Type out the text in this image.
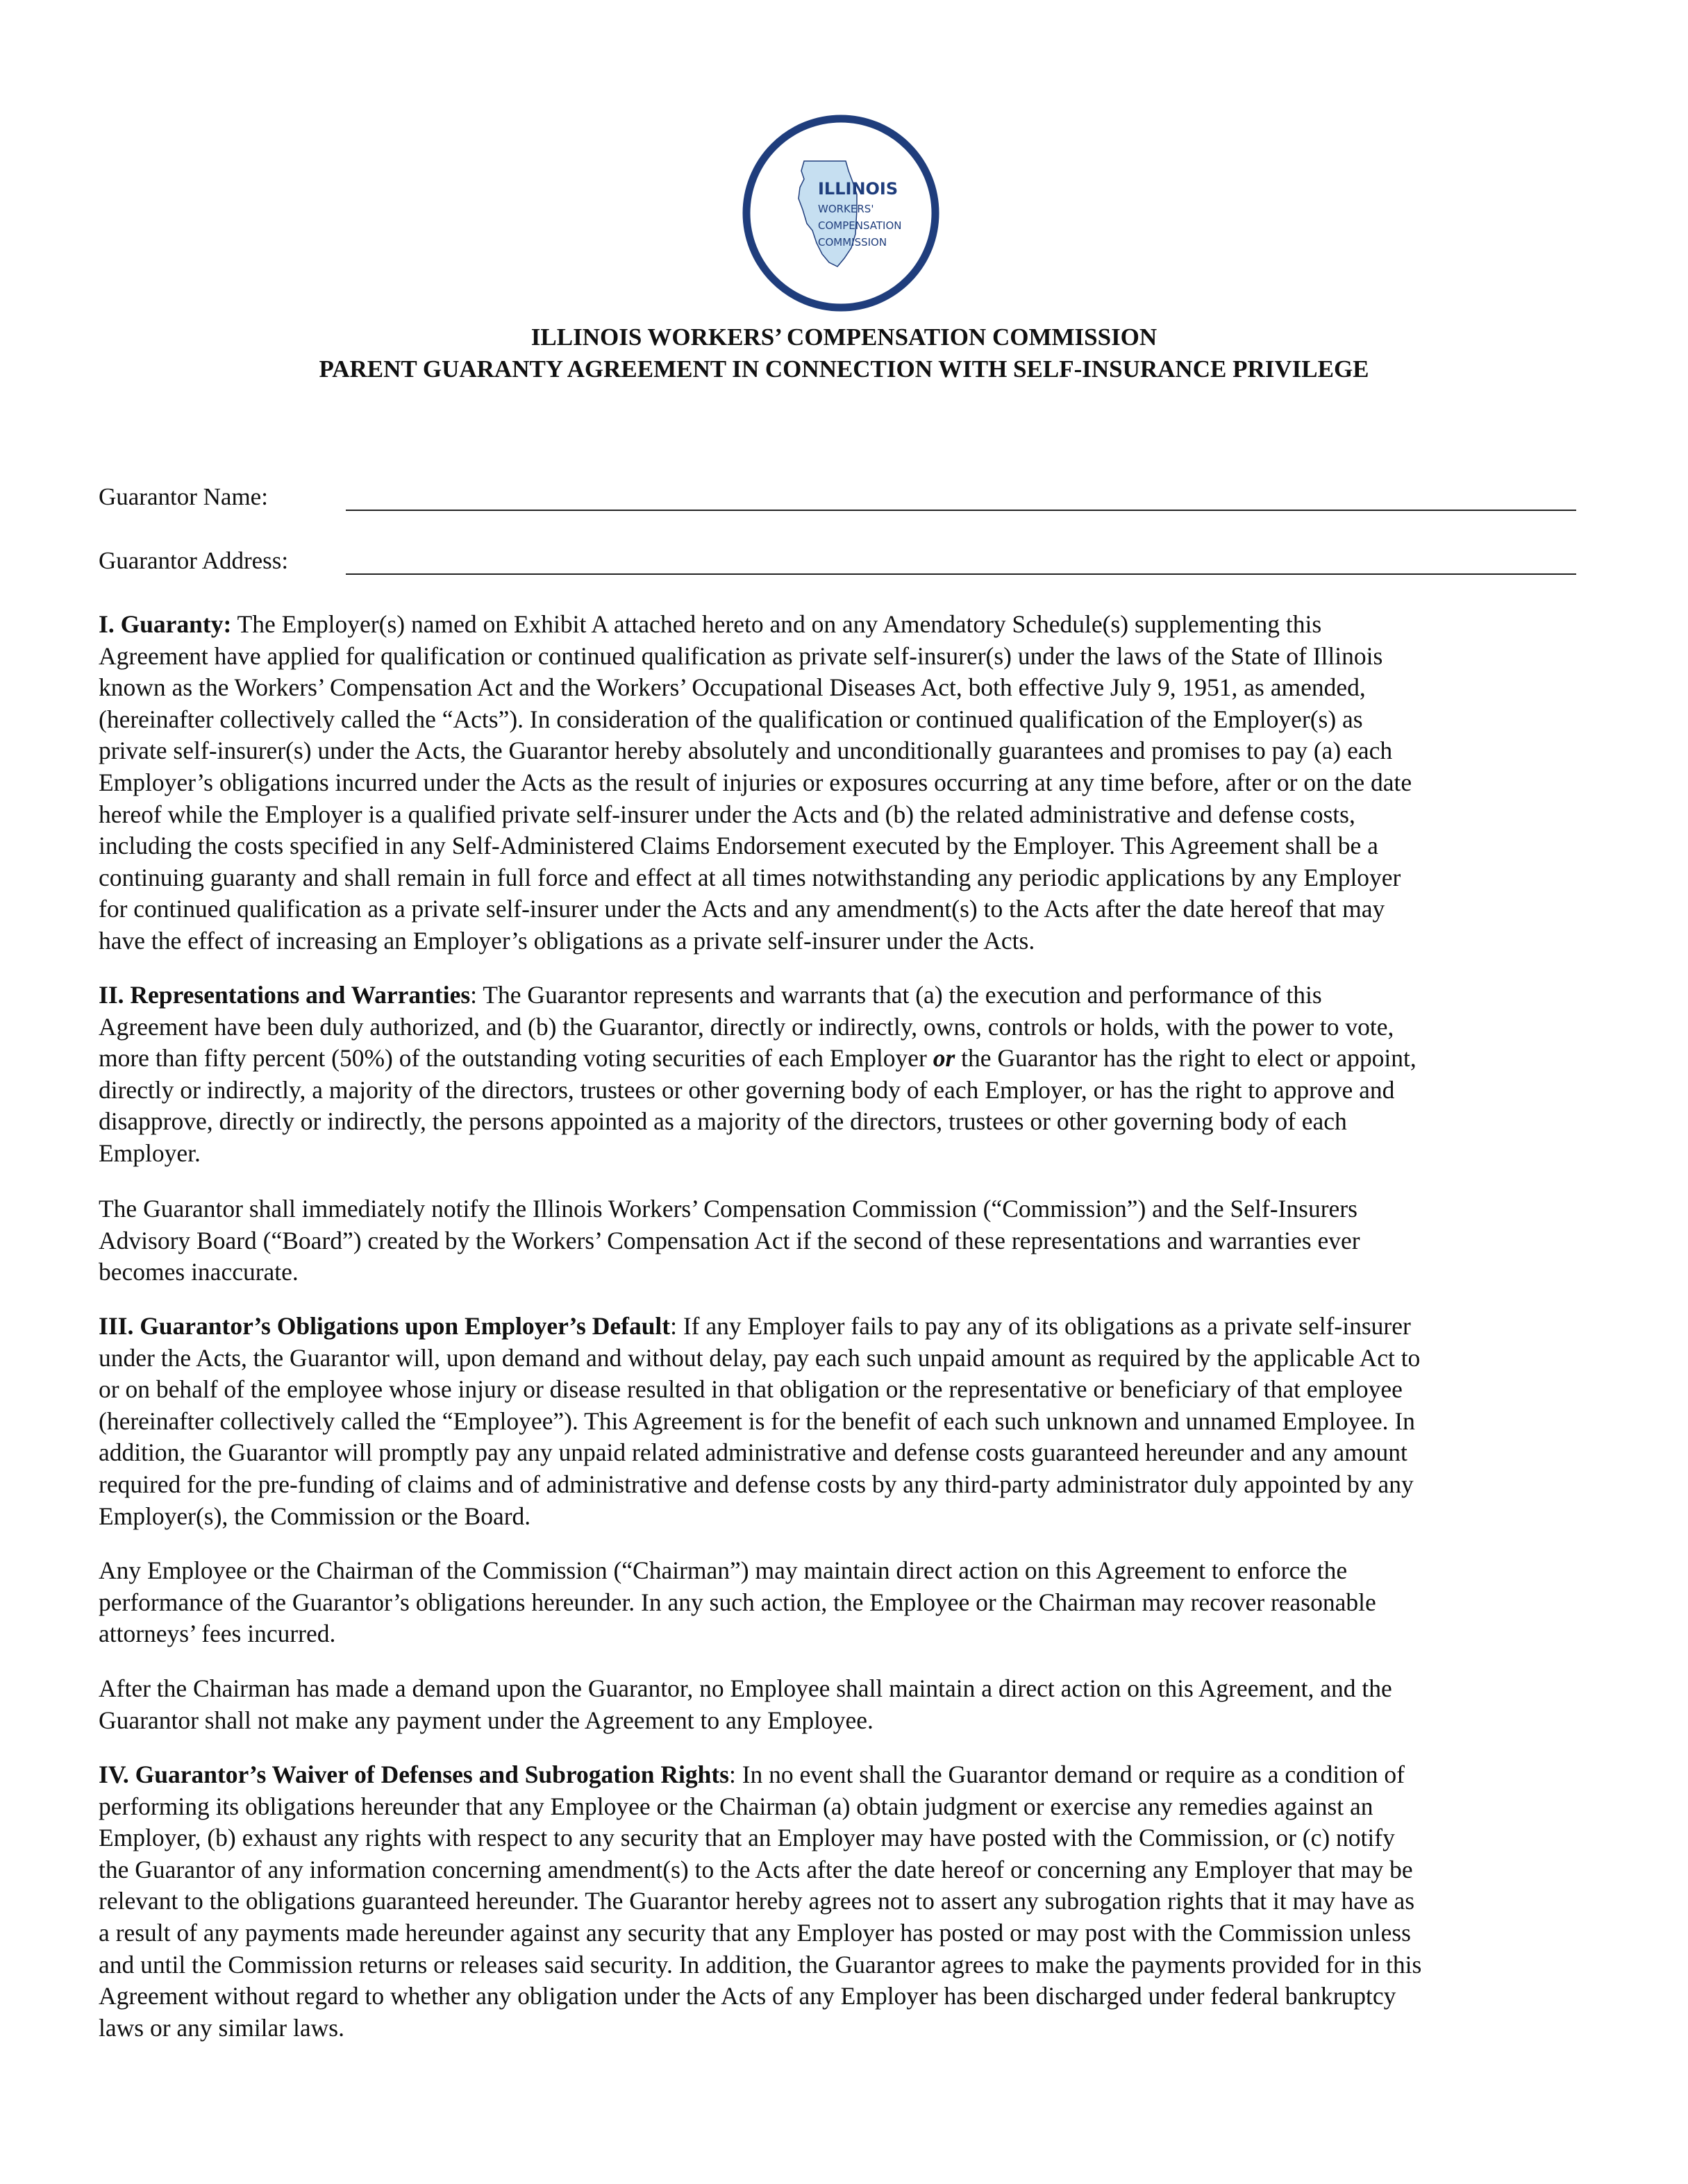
ILLINOIS
WORKERS'
COMPENSATION
COMMISSION
ILLINOIS WORKERS’ COMPENSATION COMMISSION
PARENT GUARANTY AGREEMENT IN CONNECTION WITH SELF-INSURANCE PRIVILEGE
Guarantor Name:
Guarantor Address:
I. Guaranty: The Employer(s) named on Exhibit A attached hereto and on any Amendatory Schedule(s) supplementing this
Agreement have applied for qualification or continued qualification as private self-insurer(s) under the laws of the State of Illinois
known as the Workers’ Compensation Act and the Workers’ Occupational Diseases Act, both effective July 9, 1951, as amended,
(hereinafter collectively called the “Acts”). In consideration of the qualification or continued qualification of the Employer(s) as
private self-insurer(s) under the Acts, the Guarantor hereby absolutely and unconditionally guarantees and promises to pay (a) each
Employer’s obligations incurred under the Acts as the result of injuries or exposures occurring at any time before, after or on the date
hereof while the Employer is a qualified private self-insurer under the Acts and (b) the related administrative and defense costs,
including the costs specified in any Self-Administered Claims Endorsement executed by the Employer. This Agreement shall be a
continuing guaranty and shall remain in full force and effect at all times notwithstanding any periodic applications by any Employer
for continued qualification as a private self-insurer under the Acts and any amendment(s) to the Acts after the date hereof that may
have the effect of increasing an Employer’s obligations as a private self-insurer under the Acts.
II. Representations and Warranties: The Guarantor represents and warrants that (a) the execution and performance of this
Agreement have been duly authorized, and (b) the Guarantor, directly or indirectly, owns, controls or holds, with the power to vote,
more than fifty percent (50%) of the outstanding voting securities of each Employer or the Guarantor has the right to elect or appoint,
directly or indirectly, a majority of the directors, trustees or other governing body of each Employer, or has the right to approve and
disapprove, directly or indirectly, the persons appointed as a majority of the directors, trustees or other governing body of each
Employer.
The Guarantor shall immediately notify the Illinois Workers’ Compensation Commission (“Commission”) and the Self-Insurers
Advisory Board (“Board”) created by the Workers’ Compensation Act if the second of these representations and warranties ever
becomes inaccurate.
III. Guarantor’s Obligations upon Employer’s Default: If any Employer fails to pay any of its obligations as a private self-insurer
under the Acts, the Guarantor will, upon demand and without delay, pay each such unpaid amount as required by the applicable Act to
or on behalf of the employee whose injury or disease resulted in that obligation or the representative or beneficiary of that employee
(hereinafter collectively called the “Employee”). This Agreement is for the benefit of each such unknown and unnamed Employee. In
addition, the Guarantor will promptly pay any unpaid related administrative and defense costs guaranteed hereunder and any amount
required for the pre-funding of claims and of administrative and defense costs by any third-party administrator duly appointed by any
Employer(s), the Commission or the Board.
Any Employee or the Chairman of the Commission (“Chairman”) may maintain direct action on this Agreement to enforce the
performance of the Guarantor’s obligations hereunder. In any such action, the Employee or the Chairman may recover reasonable
attorneys’ fees incurred.
After the Chairman has made a demand upon the Guarantor, no Employee shall maintain a direct action on this Agreement, and the
Guarantor shall not make any payment under the Agreement to any Employee.
IV. Guarantor’s Waiver of Defenses and Subrogation Rights: In no event shall the Guarantor demand or require as a condition of
performing its obligations hereunder that any Employee or the Chairman (a) obtain judgment or exercise any remedies against an
Employer, (b) exhaust any rights with respect to any security that an Employer may have posted with the Commission, or (c) notify
the Guarantor of any information concerning amendment(s) to the Acts after the date hereof or concerning any Employer that may be
relevant to the obligations guaranteed hereunder. The Guarantor hereby agrees not to assert any subrogation rights that it may have as
a result of any payments made hereunder against any security that any Employer has posted or may post with the Commission unless
and until the Commission returns or releases said security. In addition, the Guarantor agrees to make the payments provided for in this
Agreement without regard to whether any obligation under the Acts of any Employer has been discharged under federal bankruptcy
laws or any similar laws.
